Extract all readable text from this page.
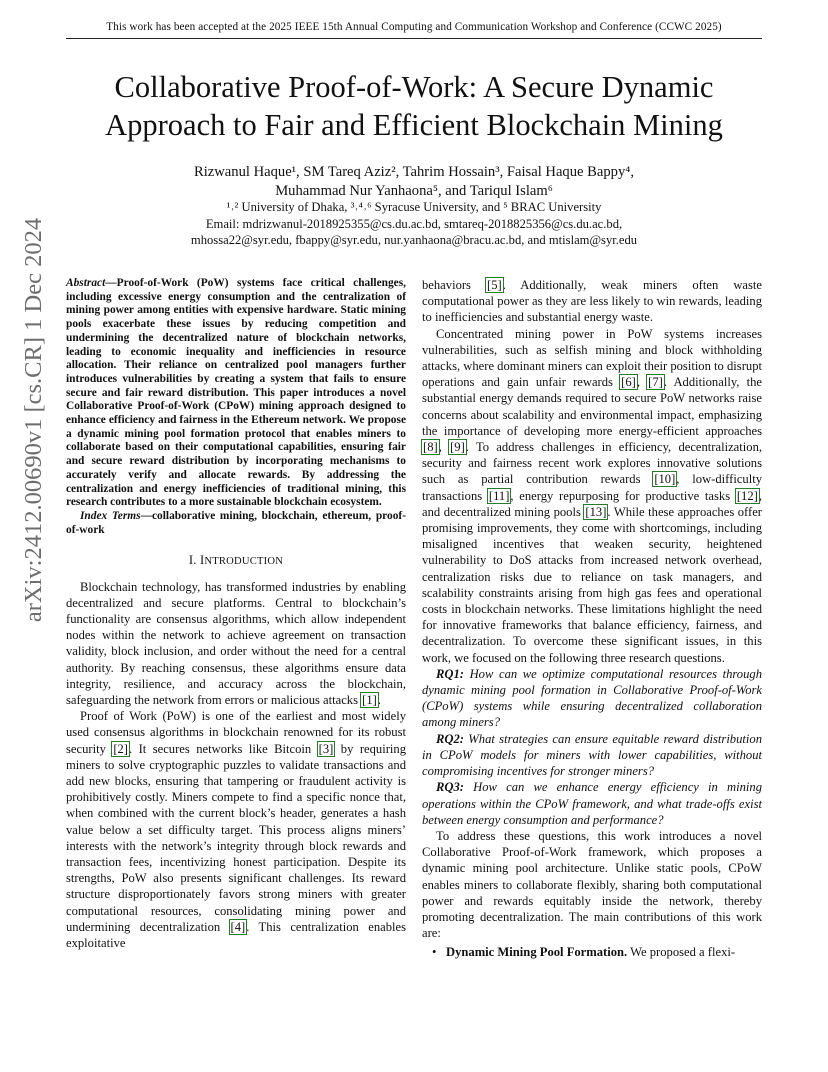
This work has been accepted at the 2025 IEEE 15th Annual Computing and Communication Workshop and Conference (CCWC 2025)
Collaborative Proof-of-Work: A Secure Dynamic
Approach to Fair and Efficient Blockchain Mining
Rizwanul Haque¹, SM Tareq Aziz², Tahrim Hossain³, Faisal Haque Bappy⁴,
Muhammad Nur Yanhaona⁵, and Tariqul Islam⁶
¹˒² University of Dhaka, ³˒⁴˒⁶ Syracuse University, and ⁵ BRAC University
Email: mdrizwanul-2018925355@cs.du.ac.bd, smtareq-2018825356@cs.du.ac.bd,
mhossa22@syr.edu, fbappy@syr.edu, nur.yanhaona@bracu.ac.bd, and mtislam@syr.edu
arXiv:2412.00690v1 [cs.CR] 1 Dec 2024	Abstract—Proof-of-Work (PoW) systems face critical challenges, including excessive energy consumption and the centralization of mining power among entities with expensive hardware. Static mining pools exacerbate these issues by reducing competition and undermining the decentralized nature of blockchain networks, leading to economic inequality and inefficiencies in resource allocation. Their reliance on centralized pool managers further introduces vulnerabilities by creating a system that fails to ensure secure and fair reward distribution. This paper introduces a novel Collaborative Proof-of-Work (CPoW) mining approach designed to enhance efficiency and fairness in the Ethereum network. We propose a dynamic mining pool formation protocol that enables miners to collaborate based on their computational capabilities, ensuring fair and secure reward distribution by incorporating mechanisms to accurately verify and allocate rewards. By addressing the centralization and energy inefficiencies of traditional mining, this research contributes to a more sustainable blockchain ecosystem.

Index Terms—collaborative mining, blockchain, ethereum, proof-of-work

I. INTRODUCTION

Blockchain technology, has transformed industries by enabling decentralized and secure platforms. Central to blockchain’s functionality are consensus algorithms, which allow independent nodes within the network to achieve agreement on transaction validity, block inclusion, and order without the need for a central authority. By reaching consensus, these algorithms ensure data integrity, resilience, and accuracy across the blockchain, safeguarding the network from errors or malicious attacks [1].

Proof of Work (PoW) is one of the earliest and most widely used consensus algorithms in blockchain renowned for its robust security [2]. It secures networks like Bitcoin [3] by requiring miners to solve cryptographic puzzles to validate transactions and add new blocks, ensuring that tampering or fraudulent activity is prohibitively costly. Miners compete to find a specific nonce that, when combined with the current block’s header, generates a hash value below a set difficulty target. This process aligns miners’ interests with the network’s integrity through block rewards and transaction fees, incentivizing honest participation. Despite its strengths, PoW also presents significant challenges. Its reward structure disproportionately favors strong miners with greater computational resources, consolidating mining power and undermining decentralization [4]. This centralization enables exploitative

behaviors [5]. Additionally, weak miners often waste computational power as they are less likely to win rewards, leading to inefficiencies and substantial energy waste.

Concentrated mining power in PoW systems increases vulnerabilities, such as selfish mining and block withholding attacks, where dominant miners can exploit their position to disrupt operations and gain unfair rewards [6], [7]. Additionally, the substantial energy demands required to secure PoW networks raise concerns about scalability and environmental impact, emphasizing the importance of developing more energy-efficient approaches [8], [9]. To address challenges in efficiency, decentralization, security and fairness recent work explores innovative solutions such as partial contribution rewards [10], low-difficulty transactions [11], energy repurposing for productive tasks [12], and decentralized mining pools [13]. While these approaches offer promising improvements, they come with shortcomings, including misaligned incentives that weaken security, heightened vulnerability to DoS attacks from increased network overhead, centralization risks due to reliance on task managers, and scalability constraints arising from high gas fees and operational costs in blockchain networks. These limitations highlight the need for innovative frameworks that balance efficiency, fairness, and decentralization. To overcome these significant issues, in this work, we focused on the following three research questions.

RQ1: How can we optimize computational resources through dynamic mining pool formation in Collaborative Proof-of-Work (CPoW) systems while ensuring decentralized collaboration among miners?

RQ2: What strategies can ensure equitable reward distribution in CPoW models for miners with lower capabilities, without compromising incentives for stronger miners?

RQ3: How can we enhance energy efficiency in mining operations within the CPoW framework, and what trade-offs exist between energy consumption and performance?

To address these questions, this work introduces a novel Collaborative Proof-of-Work framework, which proposes a dynamic mining pool architecture. Unlike static pools, CPoW enables miners to collaborate flexibly, sharing both computational power and rewards equitably inside the network, thereby promoting decentralization. The main contributions of this work are:

• Dynamic Mining Pool Formation. We proposed a flexi-
